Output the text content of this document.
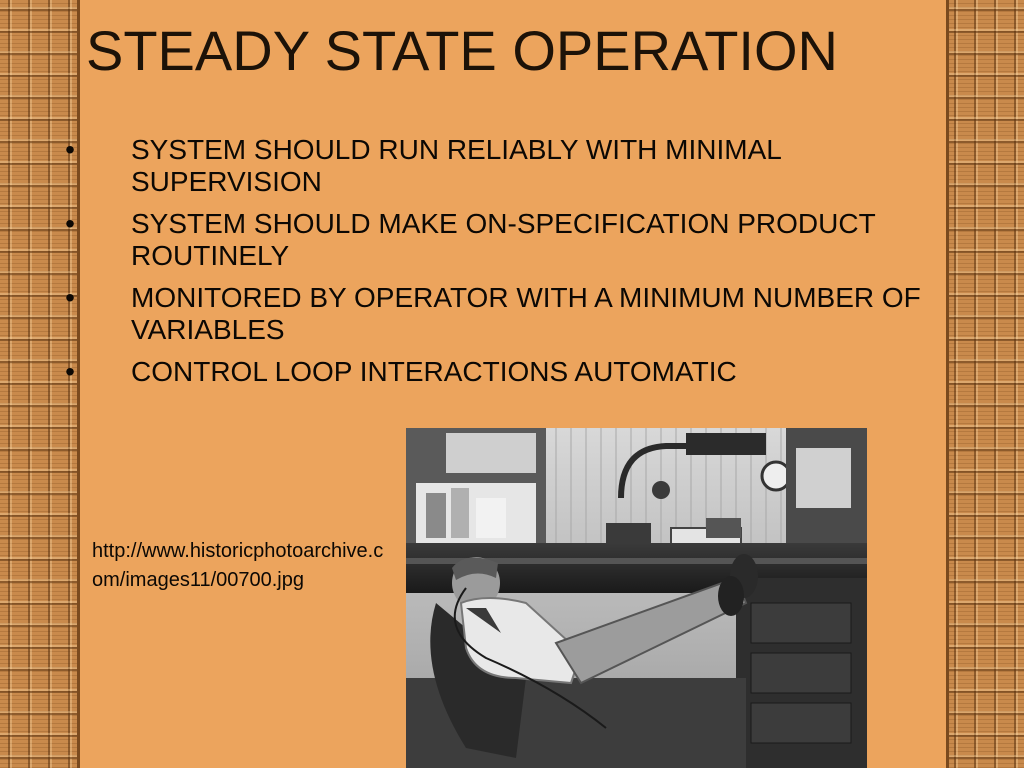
STEADY STATE OPERATION
• SYSTEM SHOULD RUN RELIABLY WITH MINIMAL SUPERVISION
• SYSTEM SHOULD MAKE ON-SPECIFICATION PRODUCT ROUTINELY
• MONITORED BY OPERATOR WITH A MINIMUM NUMBER OF VARIABLES
• CONTROL LOOP INTERACTIONS AUTOMATIC
http://www.historicphotoarchive.com/images11/00700.jpg
